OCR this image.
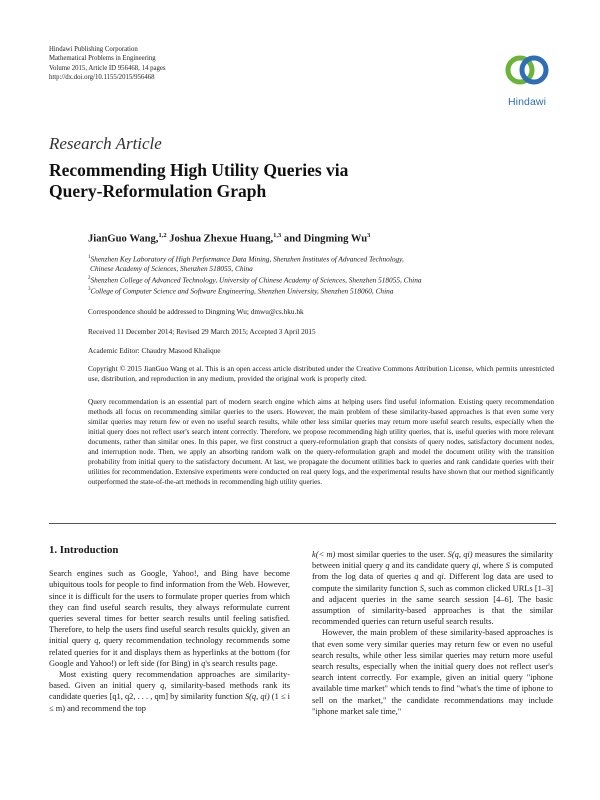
Hindawi Publishing Corporation
Mathematical Problems in Engineering
Volume 2015, Article ID 956468, 14 pages
http://dx.doi.org/10.1155/2015/956468
Hindawi
Research Article
Recommending High Utility Queries via
Query-Reformulation Graph
JianGuo Wang,$^{1,2}$ Joshua Zhexue Huang,$^{1,3}$ and Dingming Wu$^3$
$^1$Shenzhen Key Laboratory of High Performance Data Mining, Shenzhen Institutes of Advanced Technology,
Chinese Academy of Sciences, Shenzhen 518055, China
$^2$Shenzhen College of Advanced Technology, University of Chinese Academy of Sciences, Shenzhen 518055, China
$^3$College of Computer Science and Software Engineering, Shenzhen University, Shenzhen 518060, China
Correspondence should be addressed to Dingming Wu; dmwu@cs.hku.hk
Received 11 December 2014; Revised 29 March 2015; Accepted 3 April 2015
Academic Editor: Chaudry Masood Khalique
Copyright © 2015 JianGuo Wang et al. This is an open access article distributed under the Creative Commons Attribution License, which permits unrestricted use, distribution, and reproduction in any medium, provided the original work is properly cited.
Query recommendation is an essential part of modern search engine which aims at helping users find useful information. Existing query recommendation methods all focus on recommending similar queries to the users. However, the main problem of these similarity-based approaches is that even some very similar queries may return few or even no useful search results, while other less similar queries may return more useful search results, especially when the initial query does not reflect user's search intent correctly. Therefore, we propose recommending high utility queries, that is, useful queries with more relevant documents, rather than similar ones. In this paper, we first construct a query-reformulation graph that consists of query nodes, satisfactory document nodes, and interruption node. Then, we apply an absorbing random walk on the query-reformulation graph and model the document utility with the transition probability from initial query to the satisfactory document. At last, we propagate the document utilities back to queries and rank candidate queries with their utilities for recommendation. Extensive experiments were conducted on real query logs, and the experimental results have shown that our method significantly outperformed the state-of-the-art methods in recommending high utility queries.
1. Introduction

Search engines such as Google, Yahoo!, and Bing have become ubiquitous tools for people to find information from the Web. However, since it is difficult for the users to formulate proper queries from which they can find useful search results, they always reformulate current queries several times for better search results until feeling satisfied. Therefore, to help the users find useful search results quickly, given an initial query q, query recommendation technology recommends some related queries for it and displays them as hyperlinks at the bottom (for Google and Yahoo!) or left side (for Bing) in q's search results page.

Most existing query recommendation approaches are similarity-based. Given an initial query q, similarity-based methods rank its candidate queries [q1, q2, . . . , qm] by similarity function S(q, qi) (1 ≤ i ≤ m) and recommend the top

k(< m) most similar queries to the user. S(q, qi) measures the similarity between initial query q and its candidate query qi, where S is computed from the log data of queries q and qi. Different log data are used to compute the similarity function S, such as common clicked URLs [1–3] and adjacent queries in the same search session [4–6]. The basic assumption of similarity-based approaches is that the similar recommended queries can return useful search results.

However, the main problem of these similarity-based approaches is that even some very similar queries may return few or even no useful search results, while other less similar queries may return more useful search results, especially when the initial query does not reflect user's search intent correctly. For example, given an initial query "iphone available time market" which tends to find "what's the time of iphone to sell on the market," the candidate recommendations may include "iphone market sale time,"
